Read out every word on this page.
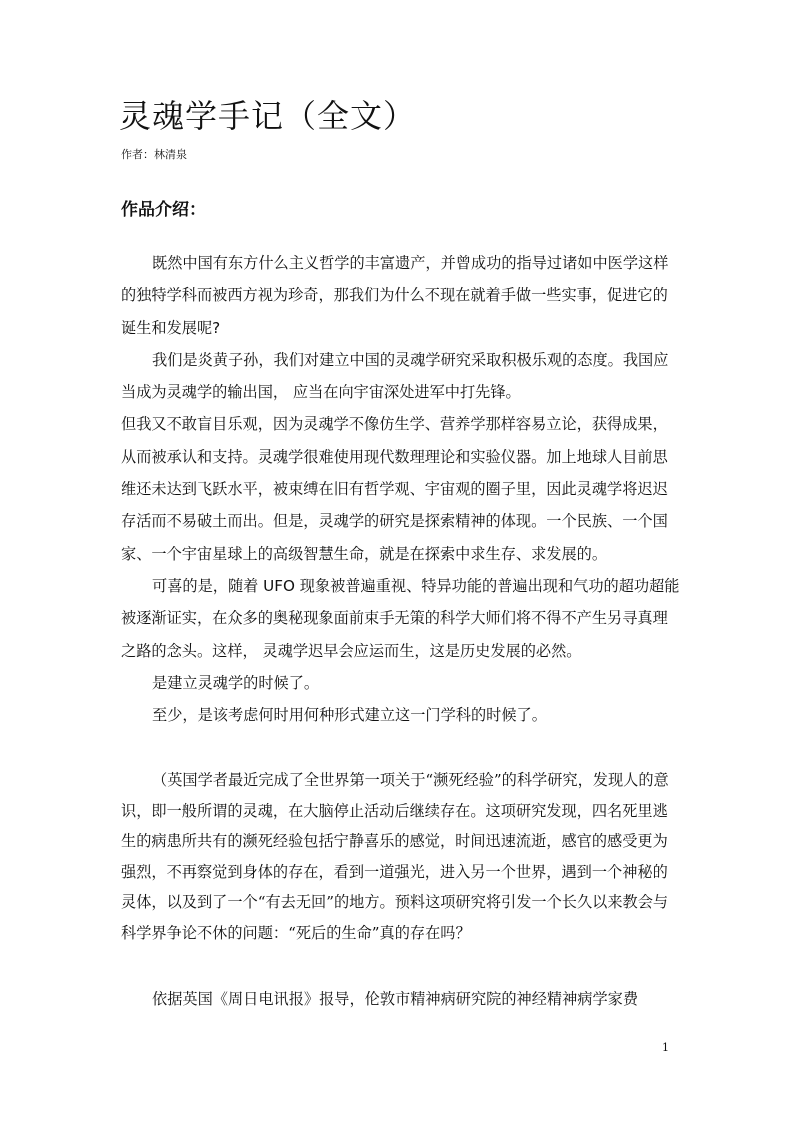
灵魂学手记（全文）
作者：林清泉
作品介绍：

既然中国有东方什么主义哲学的丰富遗产，并曾成功的指导过诸如中医学这样的独特学科而被西方视为珍奇，那我们为什么不现在就着手做一些实事，促进它的诞生和发展呢?

我们是炎黄子孙，我们对建立中国的灵魂学研究采取积极乐观的态度。我国应当成为灵魂学的输出国， 应当在向宇宙深处进军中打先锋。

但我又不敢盲目乐观，因为灵魂学不像仿生学、营养学那样容易立论，获得成果，从而被承认和支持。灵魂学很难使用现代数理理论和实验仪器。加上地球人目前思维还未达到飞跃水平，被束缚在旧有哲学观、宇宙观的圈子里，因此灵魂学将迟迟存活而不易破土而出。但是，灵魂学的研究是探索精神的体现。一个民族、一个国家、一个宇宙星球上的高级智慧生命，就是在探索中求生存、求发展的。

可喜的是，随着 UFO 现象被普遍重视、特异功能的普遍出现和气功的超功超能被逐渐证实，在众多的奥秘现象面前束手无策的科学大师们将不得不产生另寻真理之路的念头。这样， 灵魂学迟早会应运而生，这是历史发展的必然。

是建立灵魂学的时候了。

至少，是该考虑何时用何种形式建立这一门学科的时候了。

（英国学者最近完成了全世界第一项关于“濒死经验”的科学研究，发现人的意识，即一般所谓的灵魂，在大脑停止活动后继续存在。这项研究发现，四名死里逃生的病患所共有的濒死经验包括宁静喜乐的感觉，时间迅速流逝，感官的感受更为强烈，不再察觉到身体的存在，看到一道强光，进入另一个世界，遇到一个神秘的灵体，以及到了一个“有去无回”的地方。预料这项研究将引发一个长久以来教会与科学界争论不休的问题：“死后的生命”真的存在吗？

依据英国《周日电讯报》报导，伦敦市精神病研究院的神经精神病学家费

1
